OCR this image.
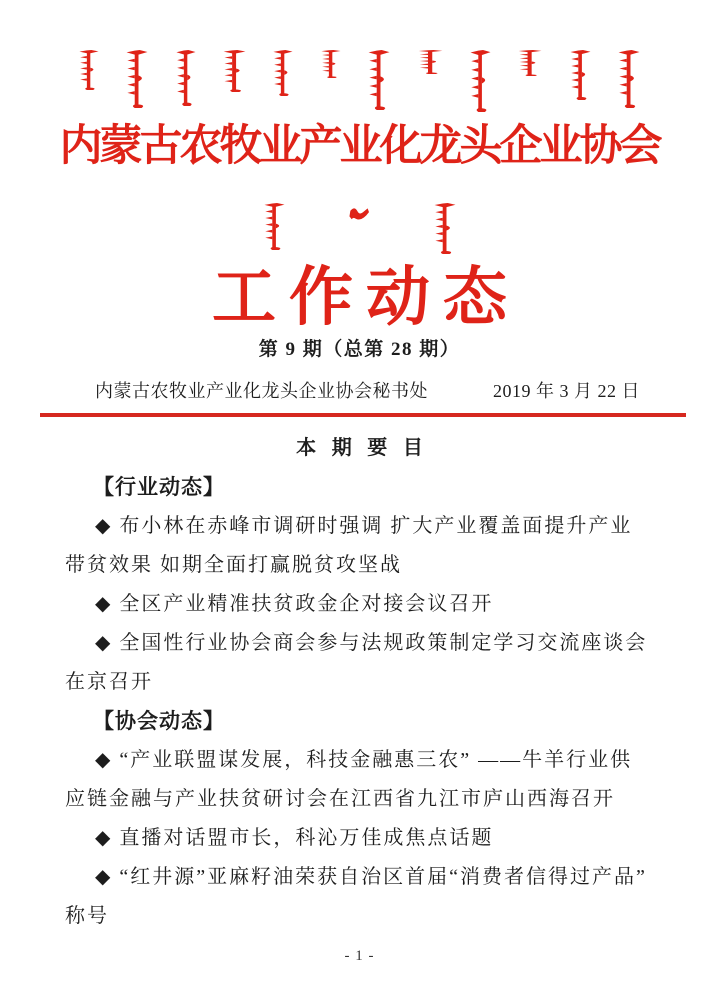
内蒙古农牧业产业化龙头企业协会
工作动态
第 9 期（总第 28 期）
内蒙古农牧业产业化龙头企业协会秘书处	2019 年 3 月 22 日
本 期 要 目
【行业动态】
◆ 布小林在赤峰市调研时强调 扩大产业覆盖面提升产业
带贫效果 如期全面打赢脱贫攻坚战
◆ 全区产业精准扶贫政金企对接会议召开
◆ 全国性行业协会商会参与法规政策制定学习交流座谈会
在京召开
【协会动态】
◆ “产业联盟谋发展，科技金融惠三农” ——牛羊行业供
应链金融与产业扶贫研讨会在江西省九江市庐山西海召开
◆ 直播对话盟市长，科沁万佳成焦点话题
◆ “红井源”亚麻籽油荣获自治区首届“消费者信得过产品”
称号
- 1 -
